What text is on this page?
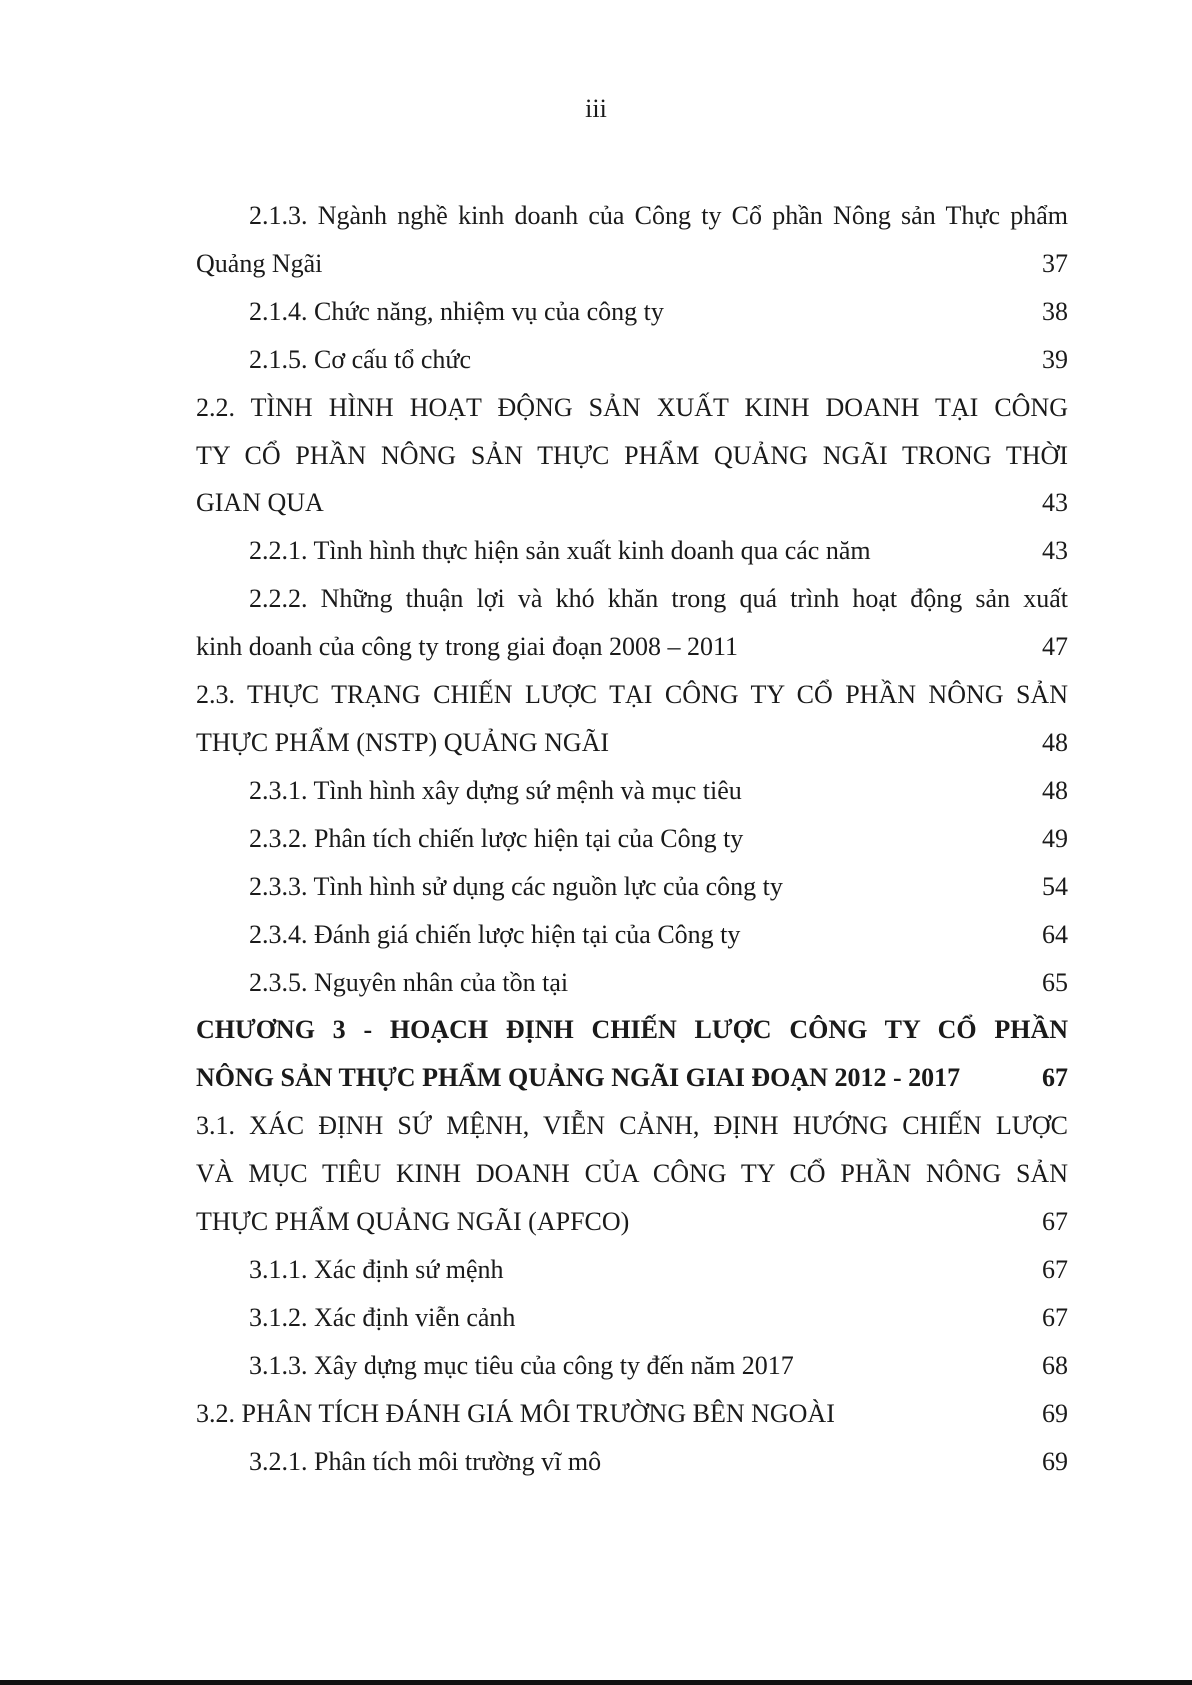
iii
2.1.3. Ngành nghề kinh doanh của Công ty Cổ phần Nông sản Thực phẩm Quảng Ngãi	37
2.1.4. Chức năng, nhiệm vụ của công ty	38
2.1.5. Cơ cấu tổ chức	39
2.2. TÌNH HÌNH HOẠT ĐỘNG SẢN XUẤT KINH DOANH TẠI CÔNG
TY CỔ PHẦN NÔNG SẢN THỰC PHẨM QUẢNG NGÃI TRONG THỜI

GIAN QUA	43
2.2.1. Tình hình thực hiện sản xuất kinh doanh qua các năm	43
2.2.2. Những thuận lợi và khó khăn trong quá trình hoạt động sản xuất

kinh doanh của công ty trong giai đoạn 2008 – 2011	47
2.3. THỰC TRẠNG CHIẾN LƯỢC TẠI CÔNG TY CỔ PHẦN NÔNG SẢN

THỰC PHẨM (NSTP) QUẢNG NGÃI	48
2.3.1. Tình hình xây dựng sứ mệnh và mục tiêu	48
2.3.2. Phân tích chiến lược hiện tại của Công ty	49
2.3.3. Tình hình sử dụng các nguồn lực của công ty	54
2.3.4. Đánh giá chiến lược hiện tại của Công ty	64
2.3.5. Nguyên nhân của tồn tại	65
CHƯƠNG 3 - HOẠCH ĐỊNH CHIẾN LƯỢC CÔNG TY CỔ PHẦN

NÔNG SẢN THỰC PHẨM QUẢNG NGÃI GIAI ĐOẠN 2012 - 2017	67
3.1. XÁC ĐỊNH SỨ MỆNH, VIỄN CẢNH, ĐỊNH HƯỚNG CHIẾN LƯỢC
VÀ MỤC TIÊU KINH DOANH CỦA CÔNG TY CỔ PHẦN NÔNG SẢN

THỰC PHẨM QUẢNG NGÃI (APFCO)	67
3.1.1. Xác định sứ mệnh	67
3.1.2. Xác định viễn cảnh	67
3.1.3. Xây dựng mục tiêu của công ty đến năm 2017	68
3.2. PHÂN TÍCH ĐÁNH GIÁ MÔI TRƯỜNG BÊN NGOÀI	69
3.2.1. Phân tích môi trường vĩ mô	69
